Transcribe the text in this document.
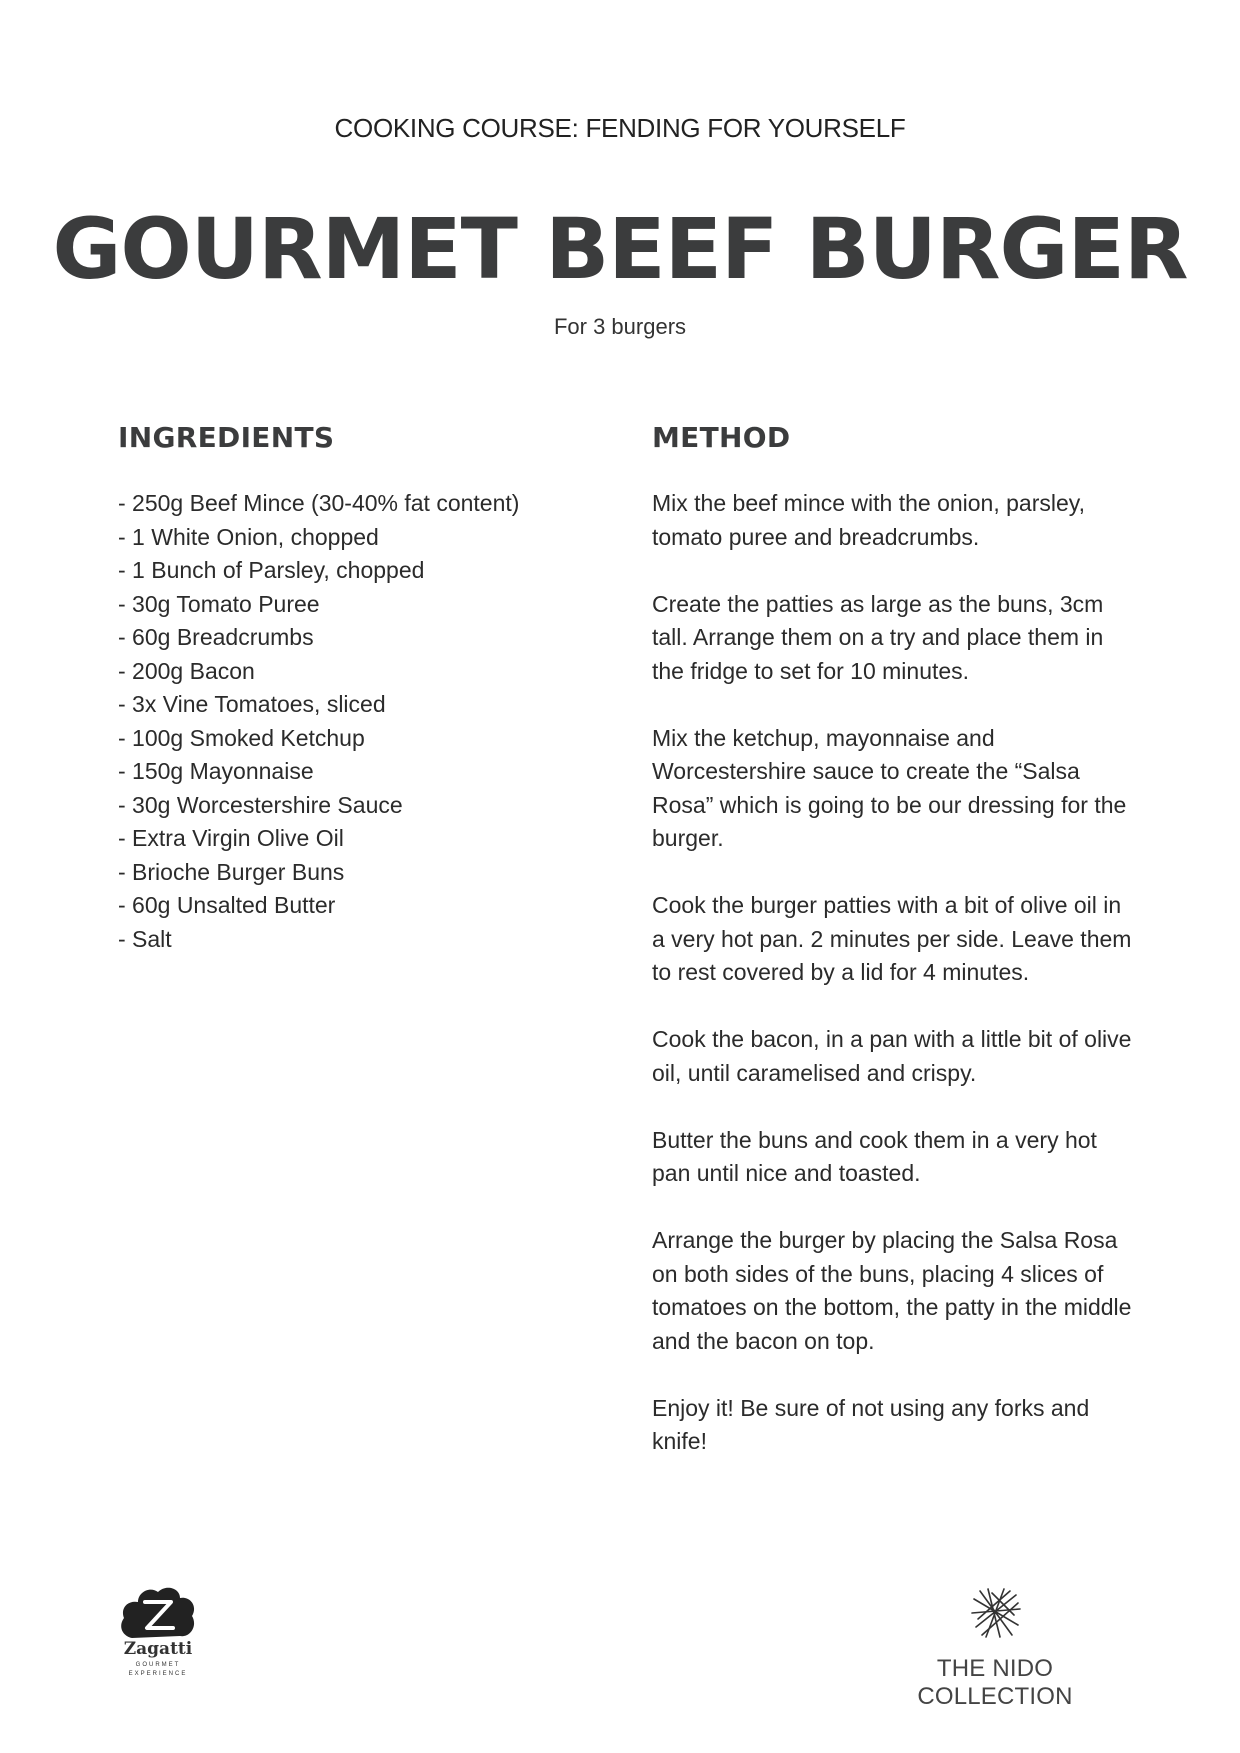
COOKING COURSE: FENDING FOR YOURSELF
GOURMET BEEF BURGER
For 3 burgers
INGREDIENTS	METHOD
- 250g Beef Mince (30-40% fat content)
- 1 White Onion, chopped
- 1 Bunch of Parsley, chopped
- 30g Tomato Puree
- 60g Breadcrumbs
- 200g Bacon
- 3x Vine Tomatoes, sliced
- 100g Smoked Ketchup
- 150g Mayonnaise
- 30g Worcestershire Sauce
- Extra Virgin Olive Oil
- Brioche Burger Buns
- 60g Unsalted Butter
- Salt

Mix the beef mince with the onion, parsley, tomato puree and breadcrumbs.

Create the patties as large as the buns, 3cm tall. Arrange them on a try and place them in the fridge to set for 10 minutes.

Mix the ketchup, mayonnaise and Worcestershire sauce to create the “Salsa Rosa” which is going to be our dressing for the burger.

Cook the burger patties with a bit of olive oil in a very hot pan. 2 minutes per side. Leave them to rest covered by a lid for 4 minutes.

Cook the bacon, in a pan with a little bit of olive oil, until caramelised and crispy.

Butter the buns and cook them in a very hot pan until nice and toasted.

Arrange the burger by placing the Salsa Rosa on both sides of the buns, placing 4 slices of tomatoes on the bottom, the patty in the middle and the bacon on top.

Enjoy it! Be sure of not using any forks and knife!

Zagatti
GOURMET
EXPERIENCE	THE NIDO COLLECTION
